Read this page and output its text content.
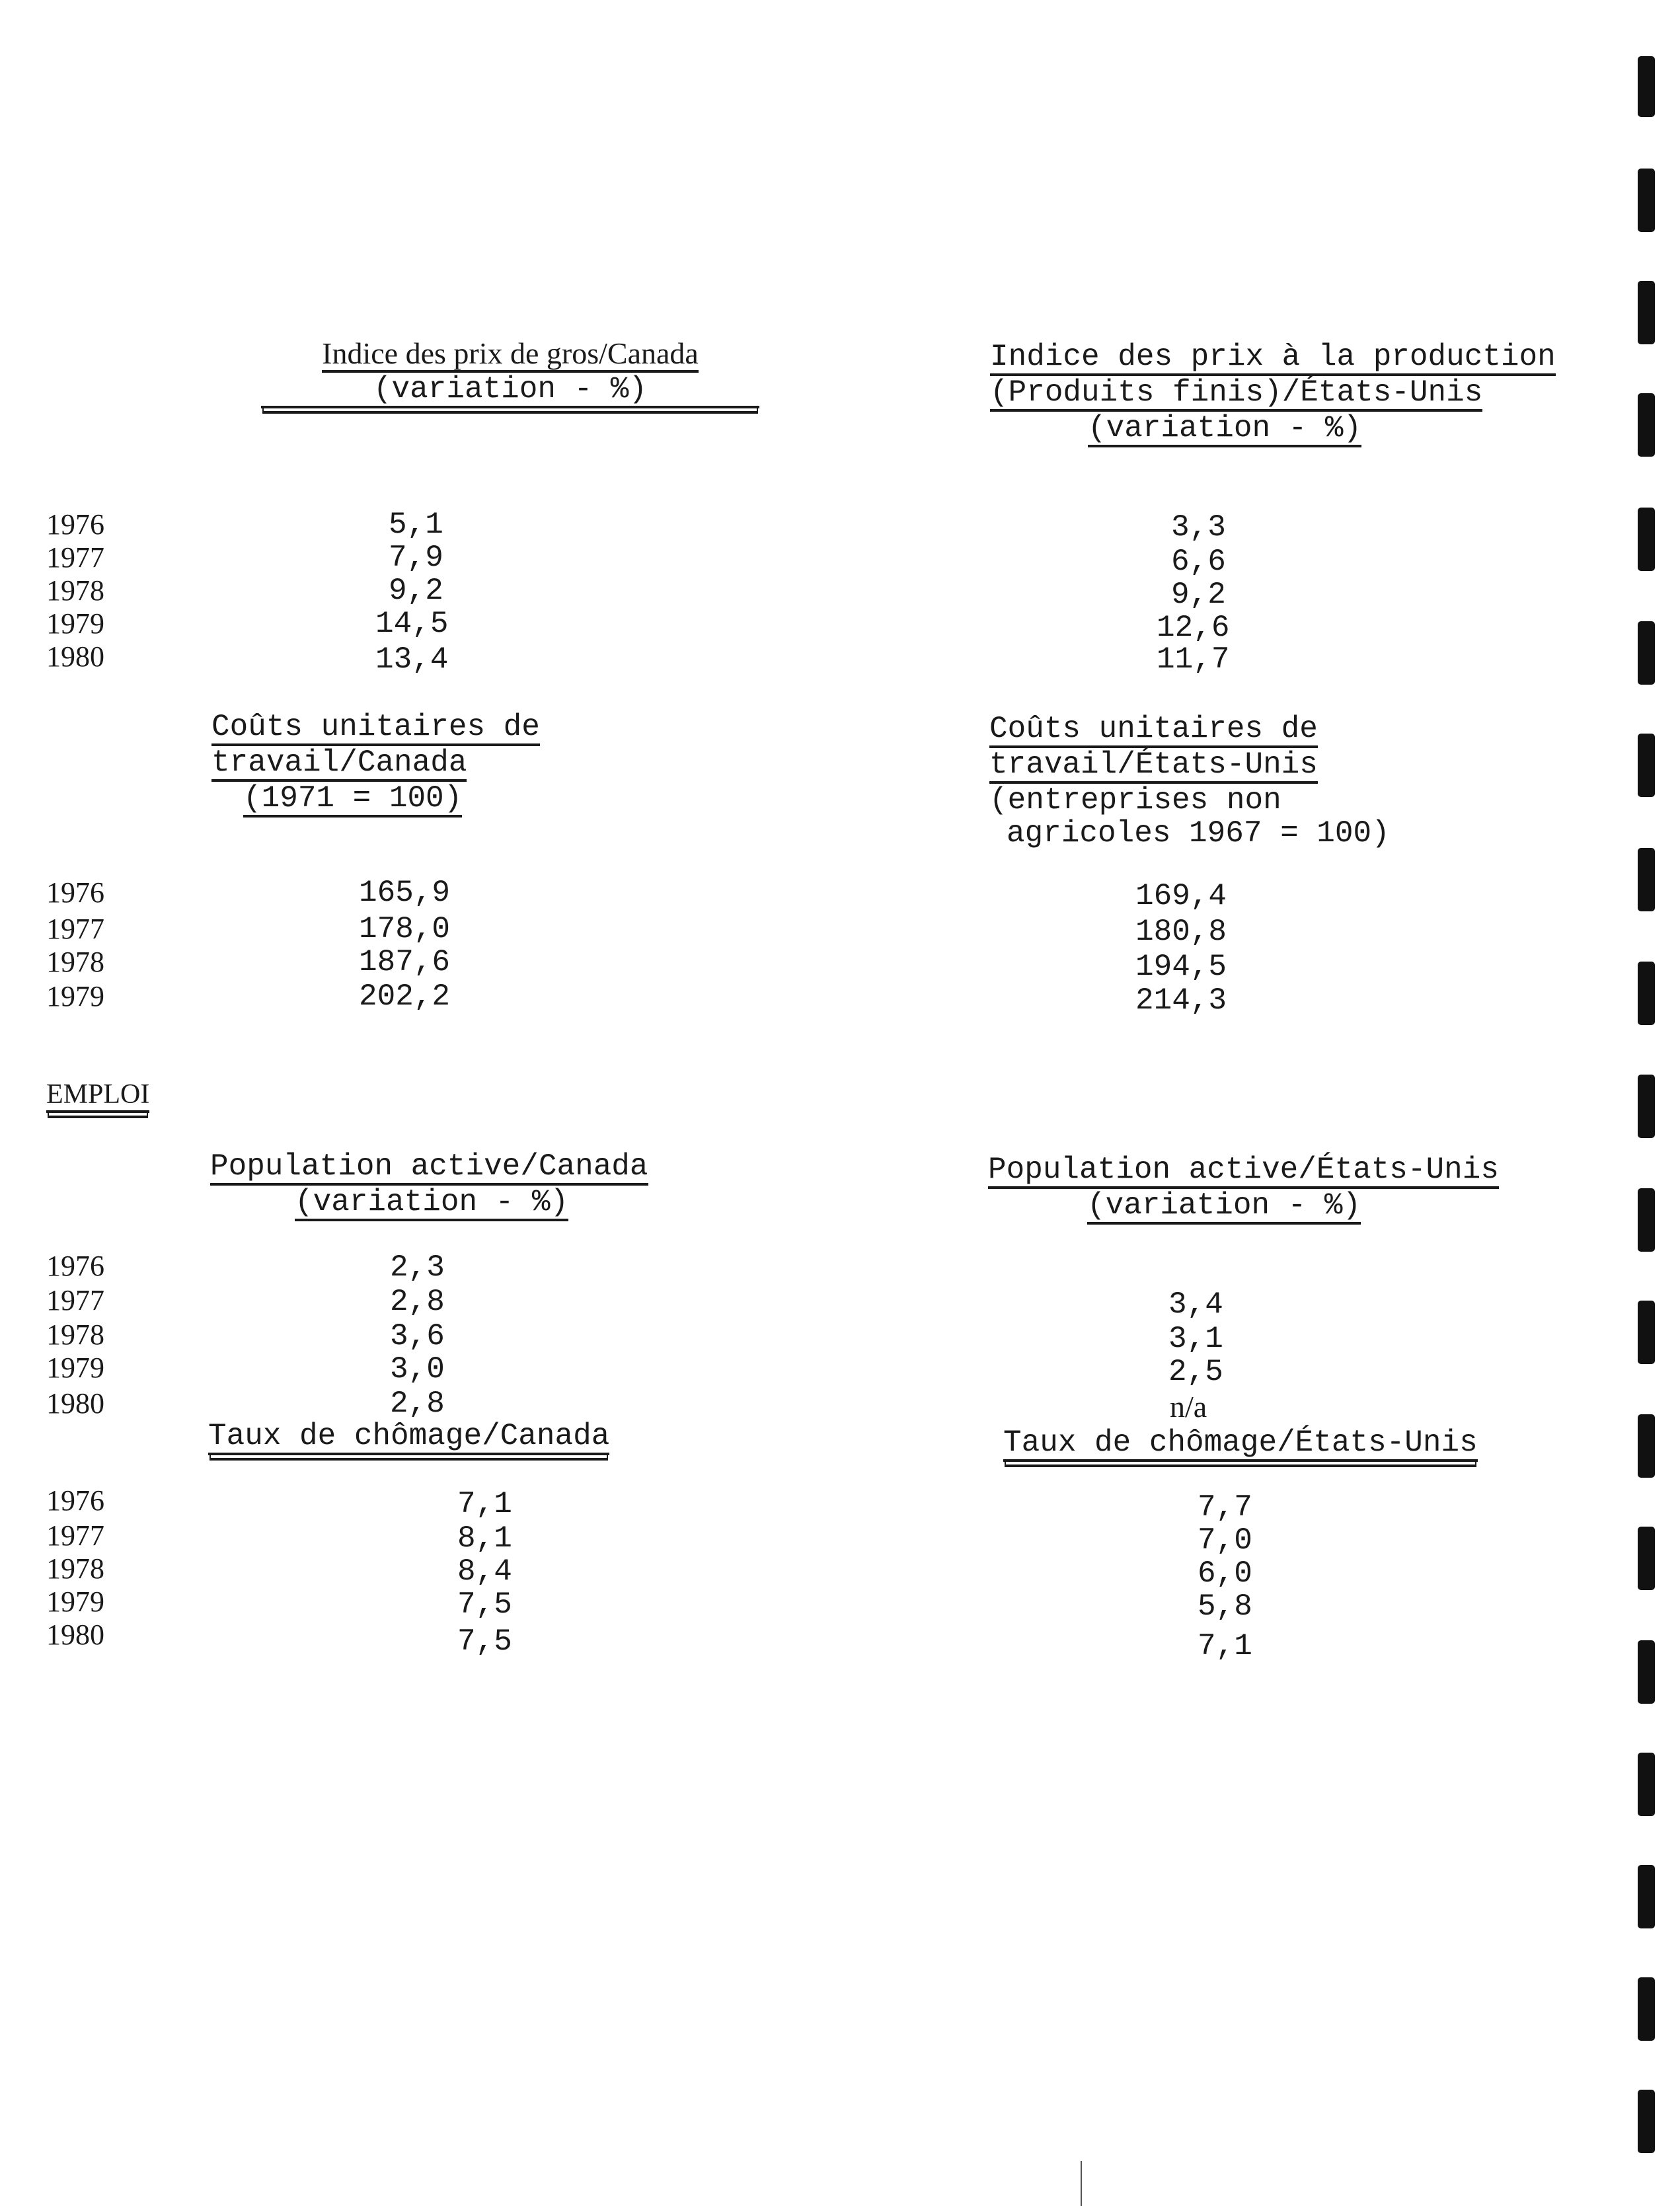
Indice des prix de gros/Canada
(variation - %)
Indice des prix à la production
(Produits finis)/États-Unis
(variation - %)
1976
1977
1978
1979
1980
5,1
7,9
9,2
14,5
13,4
3,3
6,6
9,2
12,6
11,7
Coûts unitaires de
travail/Canada
(1971 = 100)
Coûts unitaires de
travail/États-Unis
(entreprises non
agricoles 1967 = 100)
1976
1977
1978
1979
165,9
178,0
187,6
202,2
169,4
180,8
194,5
214,3
EMPLOI
Population active/Canada
(variation - %)
Population active/États-Unis
(variation - %)
1976
1977
1978
1979
1980
2,3
2,8
3,6
3,0
2,8
3,4
3,1
2,5
n/a
Taux de chômage/Canada	Taux de chômage/États-Unis
1976
1977
1978
1979
1980
7,1
8,1
8,4
7,5
7,5
7,7
7,0
6,0
5,8
7,1
